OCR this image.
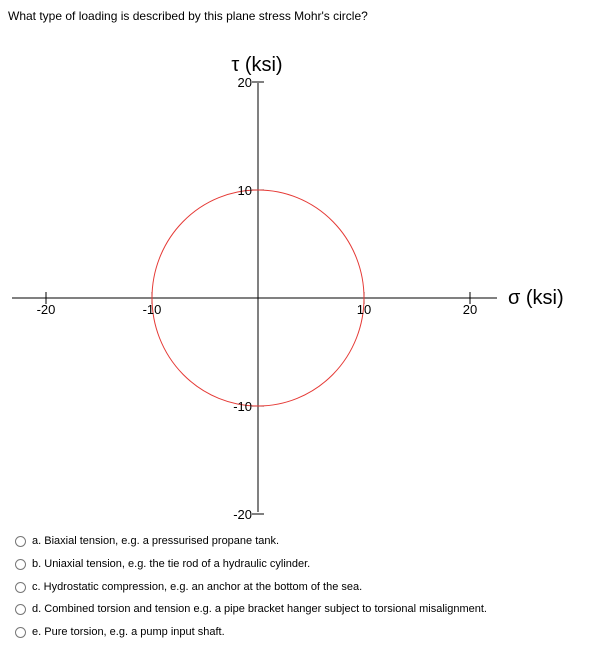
What type of loading is described by this plane stress Mohr's circle?
-20	-10	10	20
20
10
-10
-20
σ (ksi)
τ (ksi)
a. Biaxial tension, e.g. a pressurised propane tank.
b. Uniaxial tension, e.g. the tie rod of a hydraulic cylinder.
c. Hydrostatic compression, e.g. an anchor at the bottom of the sea.
d. Combined torsion and tension e.g. a pipe bracket hanger subject to torsional misalignment.
e. Pure torsion, e.g. a pump input shaft.
